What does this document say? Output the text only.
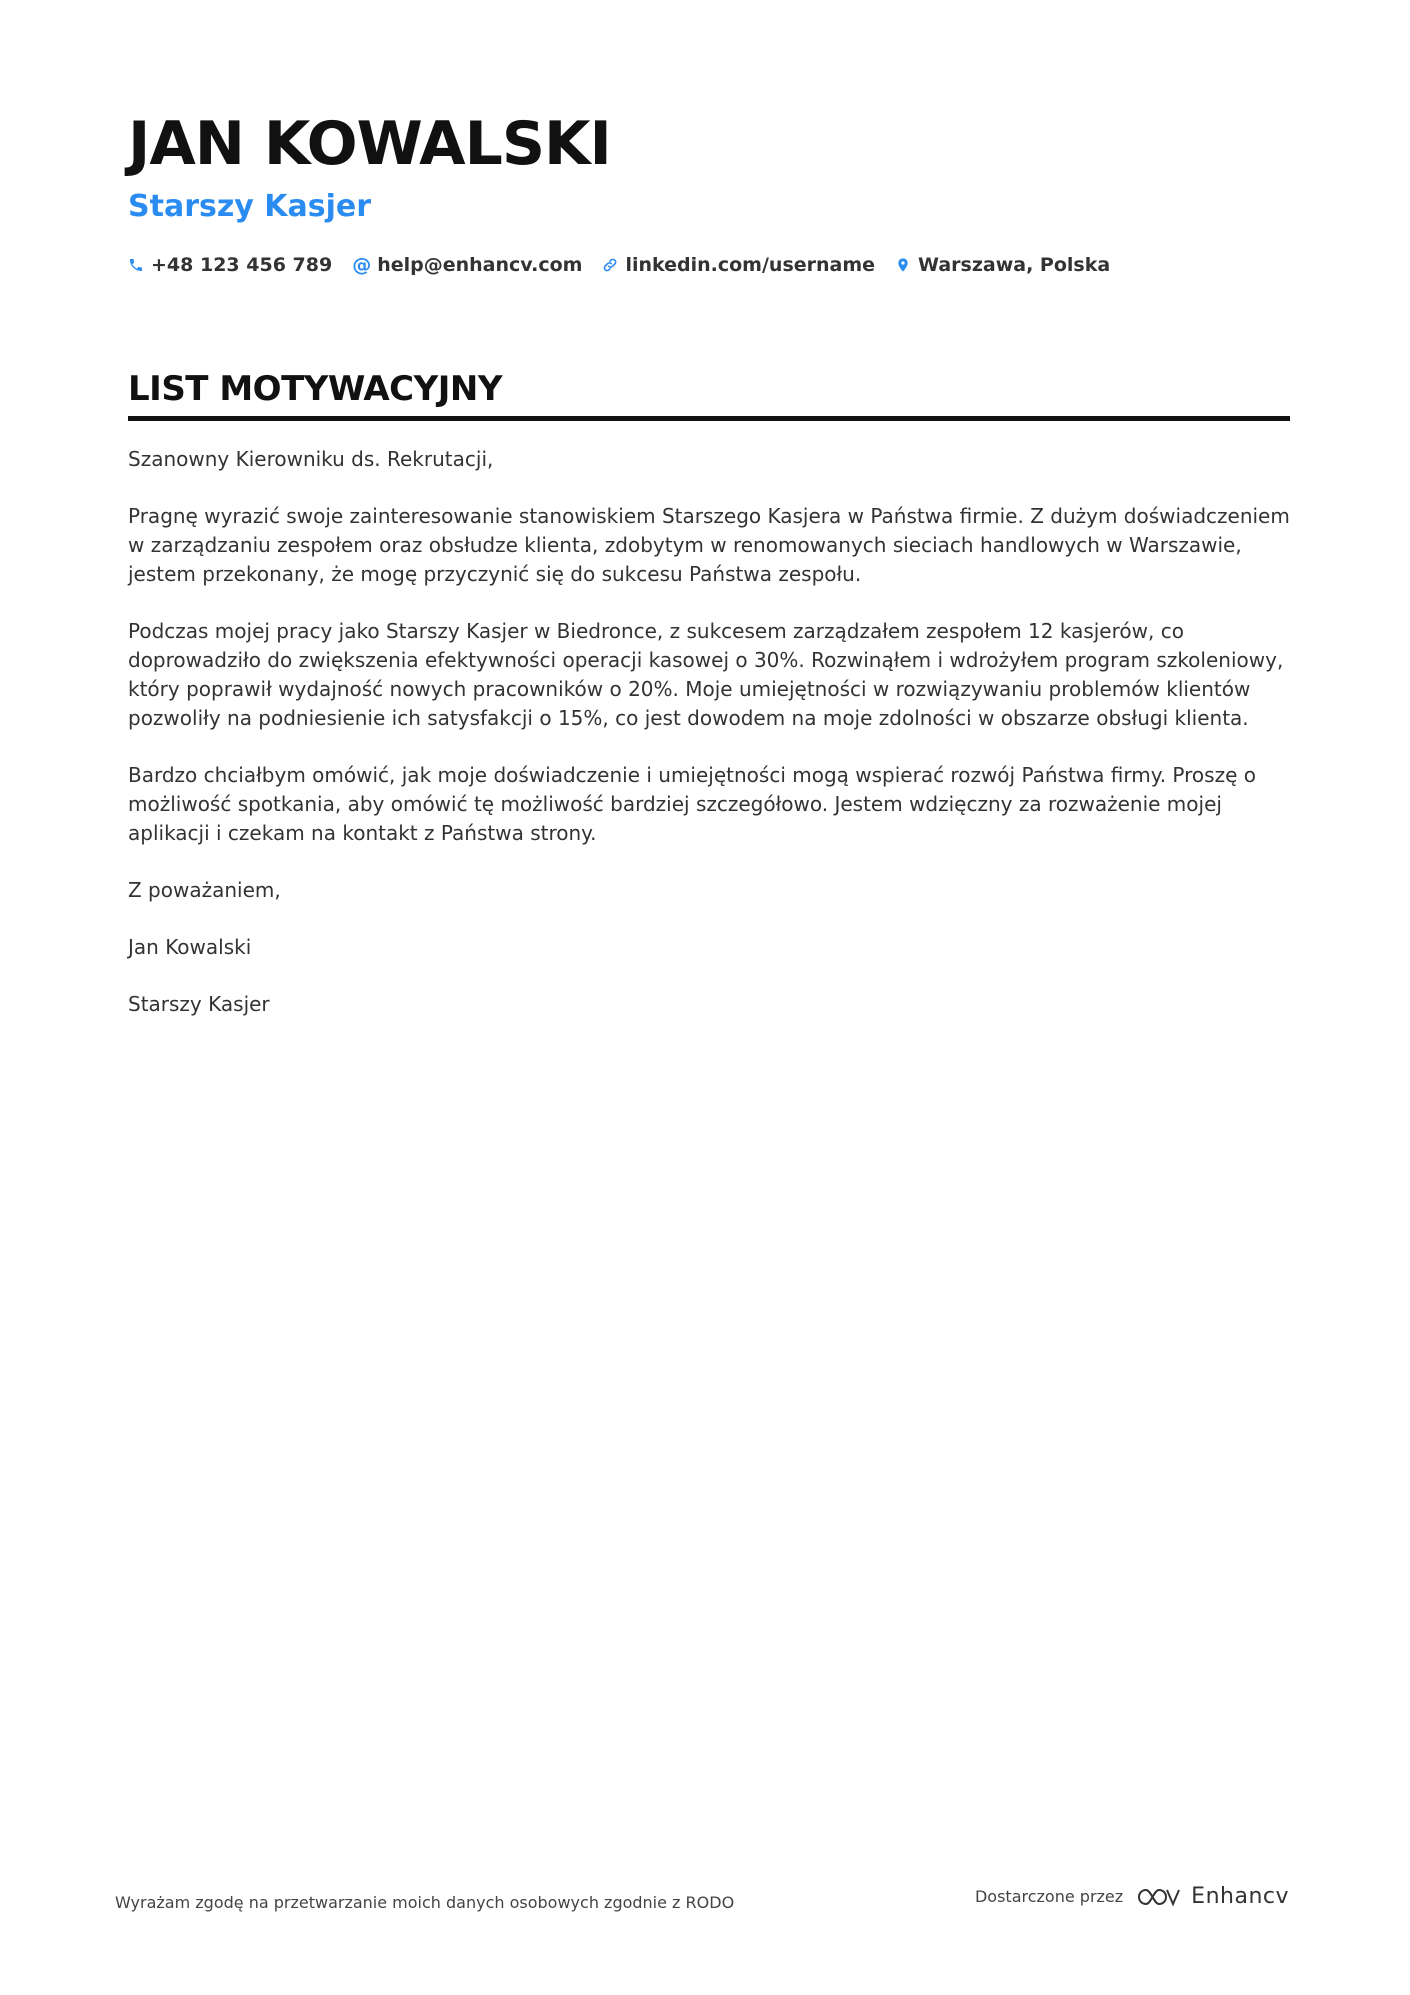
JAN KOWALSKI
Starszy Kasjer
+48 123 456 789 @ help@enhancv.com linkedin.com/username Warszawa, Polska
LIST MOTYWACYJNY

Szanowny Kierowniku ds. Rekrutacji,

Pragnę wyrazić swoje zainteresowanie stanowiskiem Starszego Kasjera w Państwa firmie. Z dużym doświadczeniem w zarządzaniu zespołem oraz obsłudze klienta, zdobytym w renomowanych sieciach handlowych w Warszawie, jestem przekonany, że mogę przyczynić się do sukcesu Państwa zespołu.

Podczas mojej pracy jako Starszy Kasjer w Biedronce, z sukcesem zarządzałem zespołem 12 kasjerów, co doprowadziło do zwiększenia efektywności operacji kasowej o 30%. Rozwinąłem i wdrożyłem program szkoleniowy, który poprawił wydajność nowych pracowników o 20%. Moje umiejętności w rozwiązywaniu problemów klientów pozwoliły na podniesienie ich satysfakcji o 15%, co jest dowodem na moje zdolności w obszarze obsługi klienta.

Bardzo chciałbym omówić, jak moje doświadczenie i umiejętności mogą wspierać rozwój Państwa firmy. Proszę o możliwość spotkania, aby omówić tę możliwość bardziej szczegółowo. Jestem wdzięczny za rozważenie mojej aplikacji i czekam na kontakt z Państwa strony.

Z poważaniem,

Jan Kowalski

Starszy Kasjer

Wyrażam zgodę na przetwarzanie moich danych osobowych zgodnie z RODO	Dostarczone przez	Enhancv
